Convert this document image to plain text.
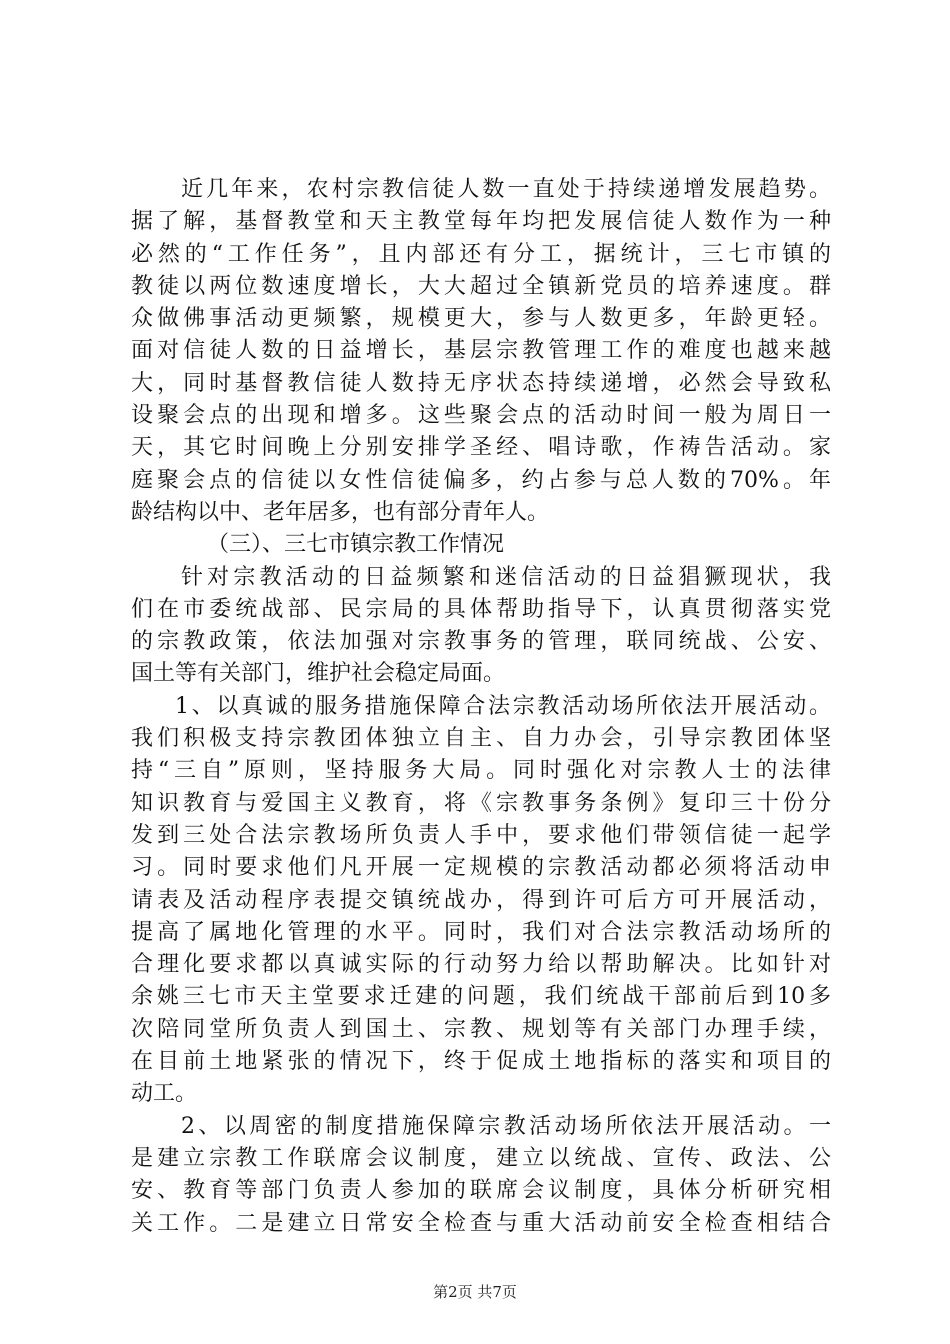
近几年来，农村宗教信徒人数一直处于持续递增发展趋势。
据了解，基督教堂和天主教堂每年均把发展信徒人数作为一种
必然的“工作任务”，且内部还有分工，据统计，三七市镇的
教徒以两位数速度增长，大大超过全镇新党员的培养速度。群
众做佛事活动更频繁，规模更大，参与人数更多，年龄更轻。
面对信徒人数的日益增长，基层宗教管理工作的难度也越来越
大，同时基督教信徒人数持无序状态持续递增，必然会导致私
设聚会点的出现和增多。这些聚会点的活动时间一般为周日一
天，其它时间晚上分别安排学圣经、唱诗歌，作祷告活动。家
庭聚会点的信徒以女性信徒偏多，约占参与总人数的70%。年
龄结构以中、老年居多，也有部分青年人。
（三）、三七市镇宗教工作情况
针对宗教活动的日益频繁和迷信活动的日益猖獗现状，我
们在市委统战部、民宗局的具体帮助指导下，认真贯彻落实党
的宗教政策，依法加强对宗教事务的管理，联同统战、公安、
国土等有关部门，维护社会稳定局面。
1、以真诚的服务措施保障合法宗教活动场所依法开展活动。
我们积极支持宗教团体独立自主、自力办会，引导宗教团体坚
持“三自”原则，坚持服务大局。同时强化对宗教人士的法律
知识教育与爱国主义教育，将《宗教事务条例》复印三十份分
发到三处合法宗教场所负责人手中，要求他们带领信徒一起学
习。同时要求他们凡开展一定规模的宗教活动都必须将活动申
请表及活动程序表提交镇统战办，得到许可后方可开展活动，
提高了属地化管理的水平。同时，我们对合法宗教活动场所的
合理化要求都以真诚实际的行动努力给以帮助解决。比如针对
余姚三七市天主堂要求迁建的问题，我们统战干部前后到10多
次陪同堂所负责人到国土、宗教、规划等有关部门办理手续，
在目前土地紧张的情况下，终于促成土地指标的落实和项目的
动工。
2、以周密的制度措施保障宗教活动场所依法开展活动。一
是建立宗教工作联席会议制度，建立以统战、宣传、政法、公
安、教育等部门负责人参加的联席会议制度，具体分析研究相
关工作。二是建立日常安全检查与重大活动前安全检查相结合
第2页 共7页
